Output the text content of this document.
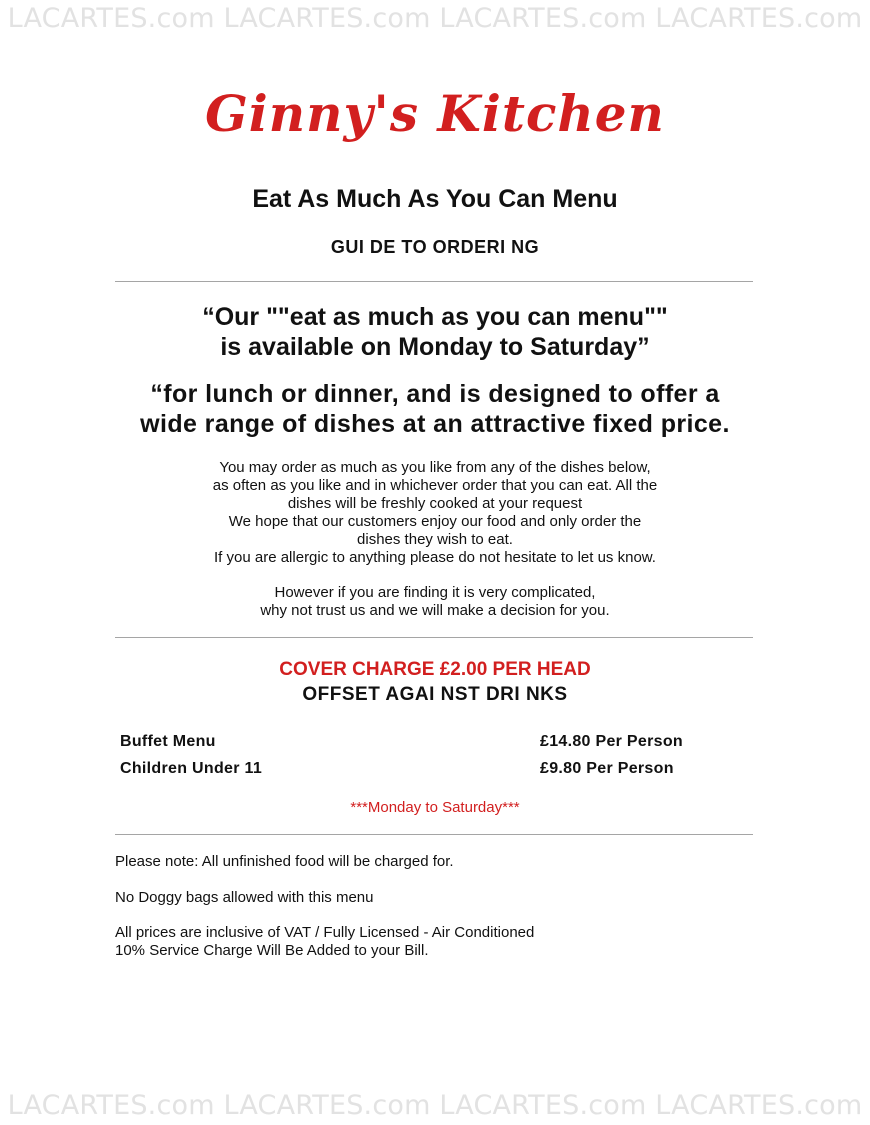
LACARTES.com LACARTES.com LACARTES.com LACARTES.com
Ginny's Kitchen
Eat As Much As You Can Menu
GUI DE TO ORDERI NG
“Our ""eat as much as you can menu""
is available on Monday to Saturday”
“for lunch or dinner, and is designed to offer a
wide range of dishes at an attractive fixed price.
You may order as much as you like from any of the dishes below,
as often as you like and in whichever order that you can eat. All the
dishes will be freshly cooked at your request
We hope that our customers enjoy our food and only order the
dishes they wish to eat.
If you are allergic to anything please do not hesitate to let us know.
However if you are finding it is very complicated,
why not trust us and we will make a decision for you.
COVER CHARGE £2.00 PER HEAD
OFFSET AGAI NST DRI NKS
Buffet Menu	£14.80 Per Person
Children Under 11	£9.80 Per Person
***Monday to Saturday***
Please note: All unfinished food will be charged for.
No Doggy bags allowed with this menu
All prices are inclusive of VAT / Fully Licensed - Air Conditioned
10% Service Charge Will Be Added to your Bill.
LACARTES.com LACARTES.com LACARTES.com LACARTES.com
